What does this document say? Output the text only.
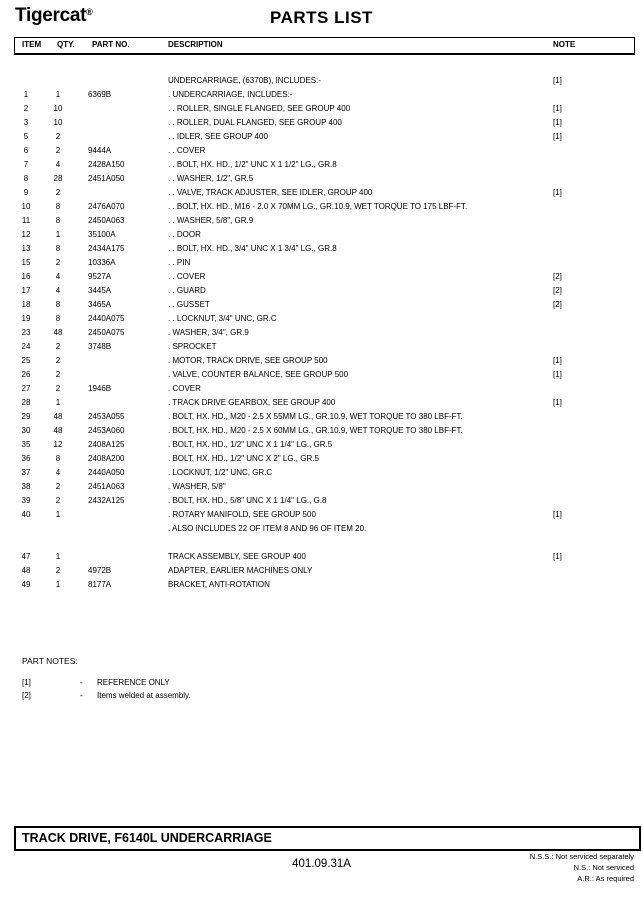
Tigercat®	PARTS LIST
ITEM QTY. PART NO.	DESCRIPTION	NOTE
UNDERCARRIAGE, (6370B), INCLUDES:-	[1]
1	1	6369B	. UNDERCARRIAGE, INCLUDES:-
2	10	. . ROLLER, SINGLE FLANGED, SEE GROUP 400	[1]
3	10	. . ROLLER, DUAL FLANGED, SEE GROUP 400	[1]
5	2	. . IDLER, SEE GROUP 400	[1]
6	2	9444A	. . COVER
7	4	2428A150	. . BOLT, HX. HD., 1/2" UNC X 1 1/2" LG., GR.8
8	28	2451A050	. . WASHER, 1/2", GR.5
9	2	. . VALVE, TRACK ADJUSTER, SEE IDLER, GROUP 400	[1]
10	8	2476A070	. . BOLT, HX. HD., M16 - 2.0 X 70MM LG., GR.10.9, WET TORQUE TO 175 LBF-FT.
11	8	2450A063	. . WASHER, 5/8", GR.9
12	1	35100A	. . DOOR
13	8	2434A175	. . BOLT, HX. HD., 3/4" UNC X 1 3/4" LG., GR.8
15	2	10336A	. . PIN
16	4	9527A	. . COVER	[2]
17	4	3445A	. . GUARD	[2]
18	8	3465A	. . GUSSET	[2]
19	8	2440A075	. . LOCKNUT, 3/4" UNC, GR.C
23	48	2450A075	. WASHER, 3/4", GR.9
24	2	3748B	. SPROCKET
25	2	. MOTOR, TRACK DRIVE, SEE GROUP 500	[1]
26	2	. VALVE, COUNTER BALANCE, SEE GROUP 500	[1]
27	2	1946B	. COVER
28	1	. TRACK DRIVE GEARBOX, SEE GROUP 400	[1]
29	48	2453A055	. BOLT, HX. HD., M20 - 2.5 X 55MM LG., GR.10.9, WET TORQUE TO 380 LBF-FT.
30	48	2453A060	. BOLT, HX. HD., M20 - 2.5 X 60MM LG., GR.10.9, WET TORQUE TO 380 LBF-FT.
35	12	2408A125	. BOLT, HX. HD., 1/2" UNC X 1 1/4" LG., GR.5
36	8	2408A200	. BOLT, HX. HD., 1/2" UNC X 2" LG., GR.5
37	4	2440A050	. LOCKNUT, 1/2" UNC, GR.C
38	2	2451A063	. WASHER, 5/8"
39	2	2432A125	. BOLT, HX. HD., 5/8" UNC X 1 1/4" LG., G.8
40	1	. ROTARY MANIFOLD, SEE GROUP 500	[1]
. ALSO INCLUDES 22 OF ITEM 8 AND 96 OF ITEM 20.
47	1	TRACK ASSEMBLY, SEE GROUP 400	[1]
48	2	4972B	ADAPTER, EARLIER MACHINES ONLY
49	1	8177A	BRACKET, ANTI-ROTATION
PART NOTES:
[1]	- REFERENCE ONLY
[2]	- Items welded at assembly.
TRACK DRIVE, F6140L UNDERCARRIAGE
N.S.S.: Not serviced separately
N.S.: Not serviced
A.R.: As required
401.09.31A
